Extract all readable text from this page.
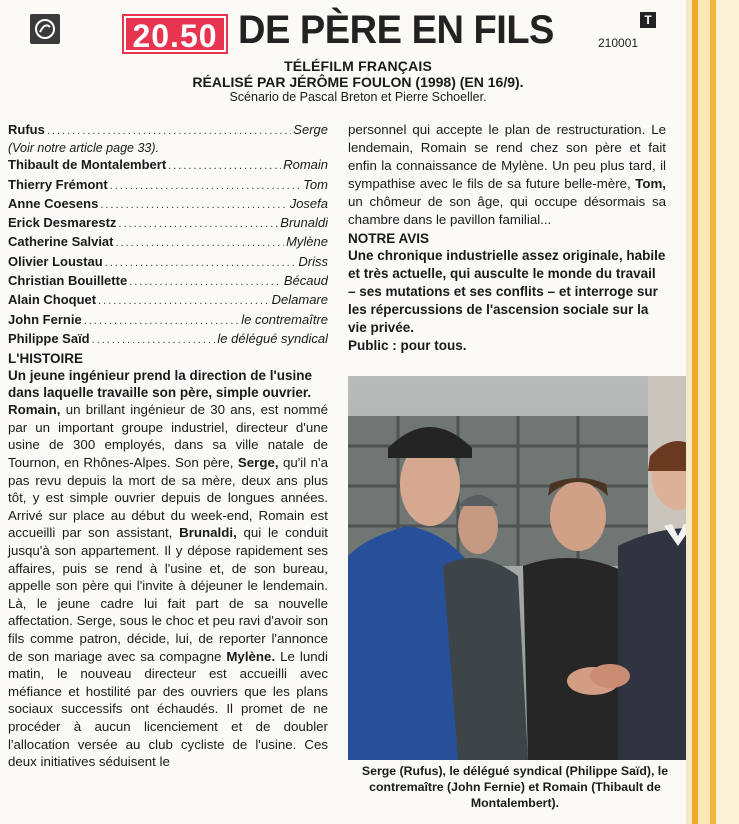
20.50 DE PÈRE EN FILS	T
210001
TÉLÉFILM FRANÇAIS
RÉALISÉ PAR JÉRÔME FOULON (1998) (EN 16/9).
Scénario de Pascal Breton et Pierre Schoeller.
Rufus .....	Serge
(Voir notre article page 33).
Thibault de Montalembert .....	Romain
Thierry Frémont .....	Tom
Anne Coesens .....	Josefa
Erick Desmarestz .....	Brunaldi
Catherine Salviat .....	Mylène
Olivier Loustau .....	Driss
Christian Bouillette .....	Bécaud
Alain Choquet .....	Delamare
John Fernie .....	le contremaître
Philippe Saïd .....	le délégué syndical
L'HISTOIRE
Un jeune ingénieur prend la direction de l'usine dans laquelle travaille son père, simple ouvrier.
Romain, un brillant ingénieur de 30 ans, est nommé par un important groupe industriel, directeur d'une usine de 300 employés, dans sa ville natale de Tournon, en Rhônes-Alpes. Son père, Serge, qu'il n'a pas revu depuis la mort de sa mère, deux ans plus tôt, y est simple ouvrier depuis de longues années. Arrivé sur place au début du week-end, Romain est accueilli par son assistant, Brunaldi, qui le conduit jusqu'à son appartement. Il y dépose rapidement ses affaires, puis se rend à l'usine et, de son bureau, appelle son père qui l'invite à déjeuner le lendemain. Là, le jeune cadre lui fait part de sa nouvelle affectation. Serge, sous le choc et peu ravi d'avoir son fils comme patron, décide, lui, de reporter l'annonce de son mariage avec sa compagne Mylène. Le lundi matin, le nouveau directeur est accueilli avec méfiance et hostilité par des ouvriers que les plans sociaux successifs ont échaudés. Il promet de ne procéder à aucun licenciement et de doubler l'allocation versée au club cycliste de l'usine. Ces deux initiatives séduisent le
personnel qui accepte le plan de restructuration. Le lendemain, Romain se rend chez son père et fait enfin la connaissance de Mylène. Un peu plus tard, il sympathise avec le fils de sa future belle-mère, Tom, un chômeur de son âge, qui occupe désormais sa chambre dans le pavillon familial...
NOTRE AVIS
Une chronique industrielle assez originale, habile et très actuelle, qui ausculte le monde du travail – ses mutations et ses conflits – et interroge sur les répercussions de l'ascension sociale sur la vie privée.
Public : pour tous.
Serge (Rufus), le délégué syndical (Philippe Saïd), le contremaître (John Fernie) et Romain (Thibault de Montalembert).
